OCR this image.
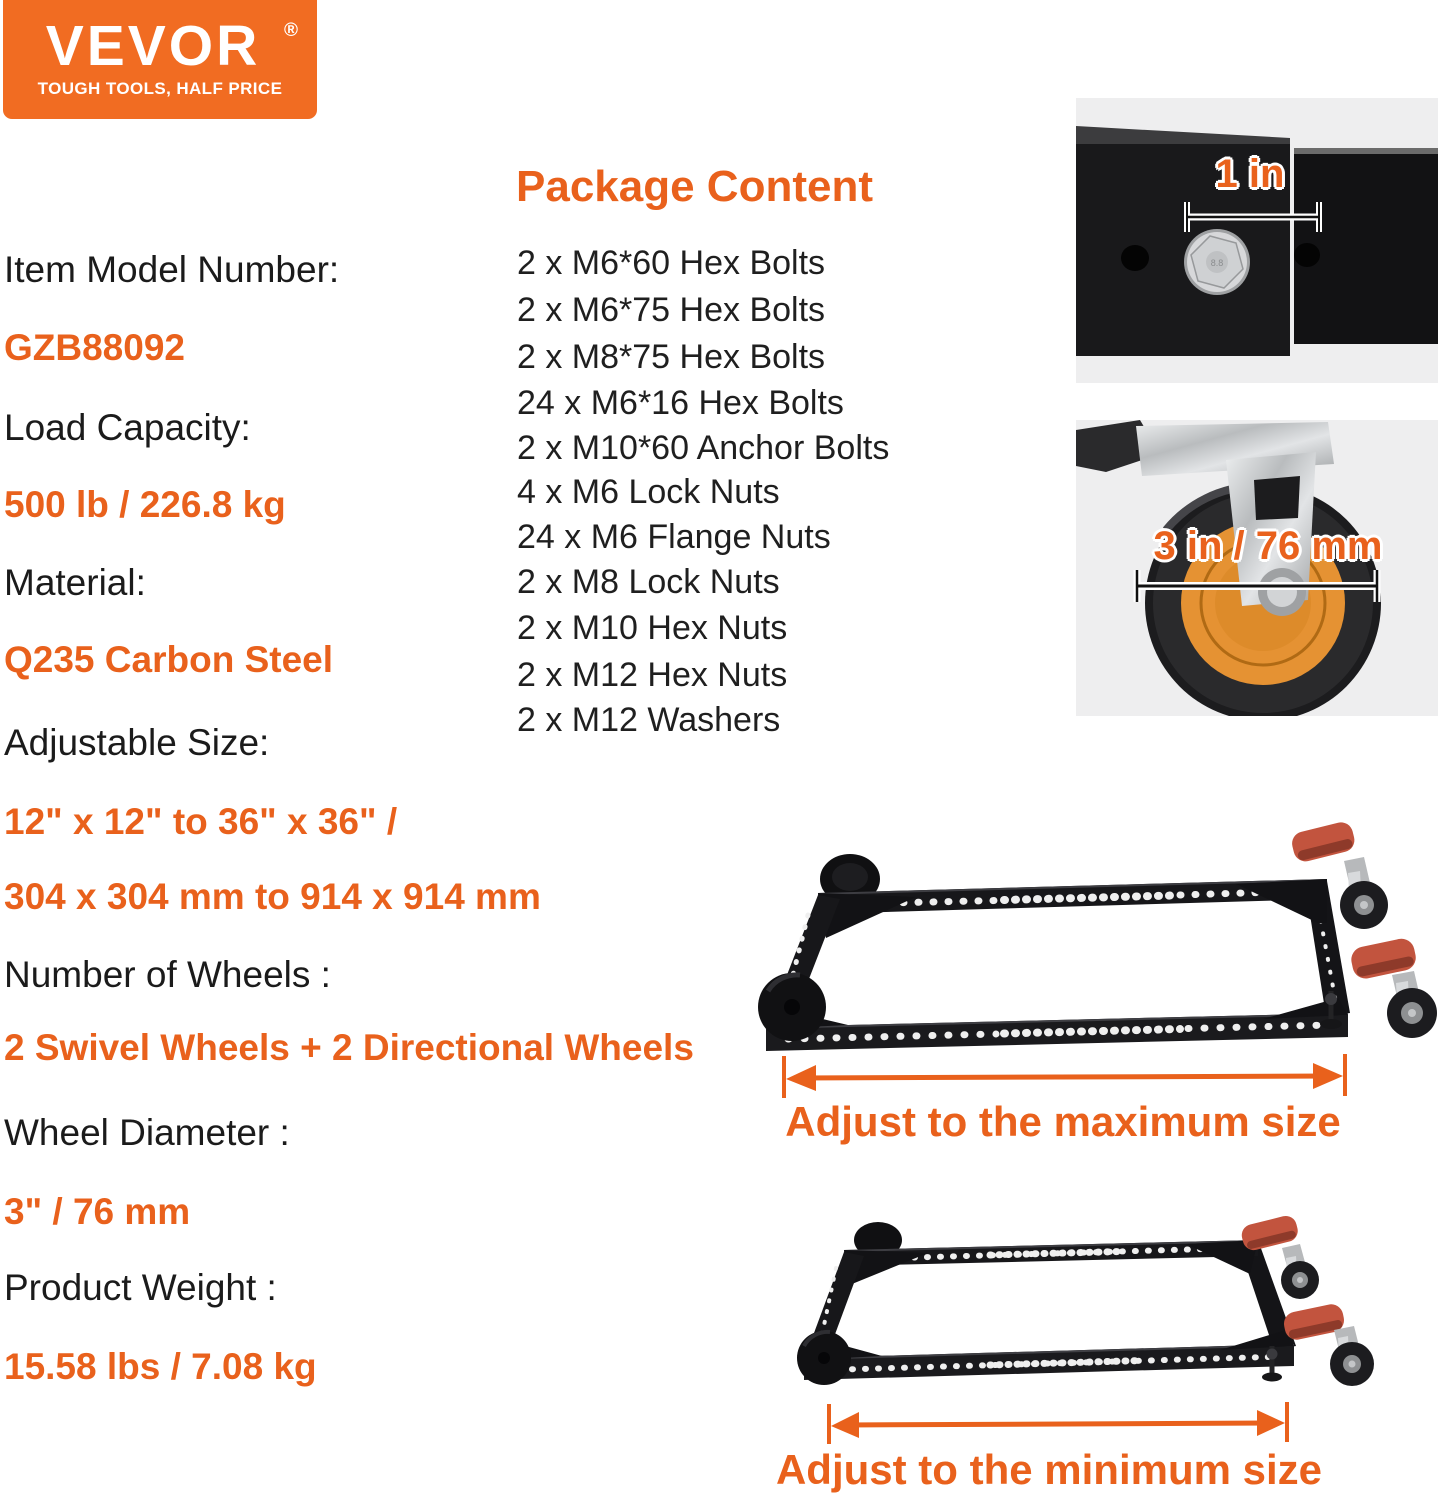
VEVOR	®
TOUGH TOOLS, HALF PRICE
Item Model Number:
GZB88092
Load Capacity:
500 lb / 226.8 kg
Material:
Q235 Carbon Steel
Adjustable Size:
12" x 12" to 36" x 36" /
304 x 304 mm to 914 x 914 mm
Number of Wheels :
2 Swivel Wheels + 2 Directional Wheels
Wheel Diameter :
3" / 76 mm
Product Weight :
15.58 lbs / 7.08 kg
Package Content
2 x M6*60 Hex Bolts
2 x M6*75 Hex Bolts
2 x M8*75 Hex Bolts
24 x M6*16 Hex Bolts
2 x M10*60 Anchor Bolts
4 x M6 Lock Nuts
24 x M6 Flange Nuts
2 x M8 Lock Nuts
2 x M10 Hex Nuts
2 x M12 Hex Nuts
2 x M12 Washers
8.8
1 in
3 in / 76 mm
Adjust to the maximum size
Adjust to the minimum size
